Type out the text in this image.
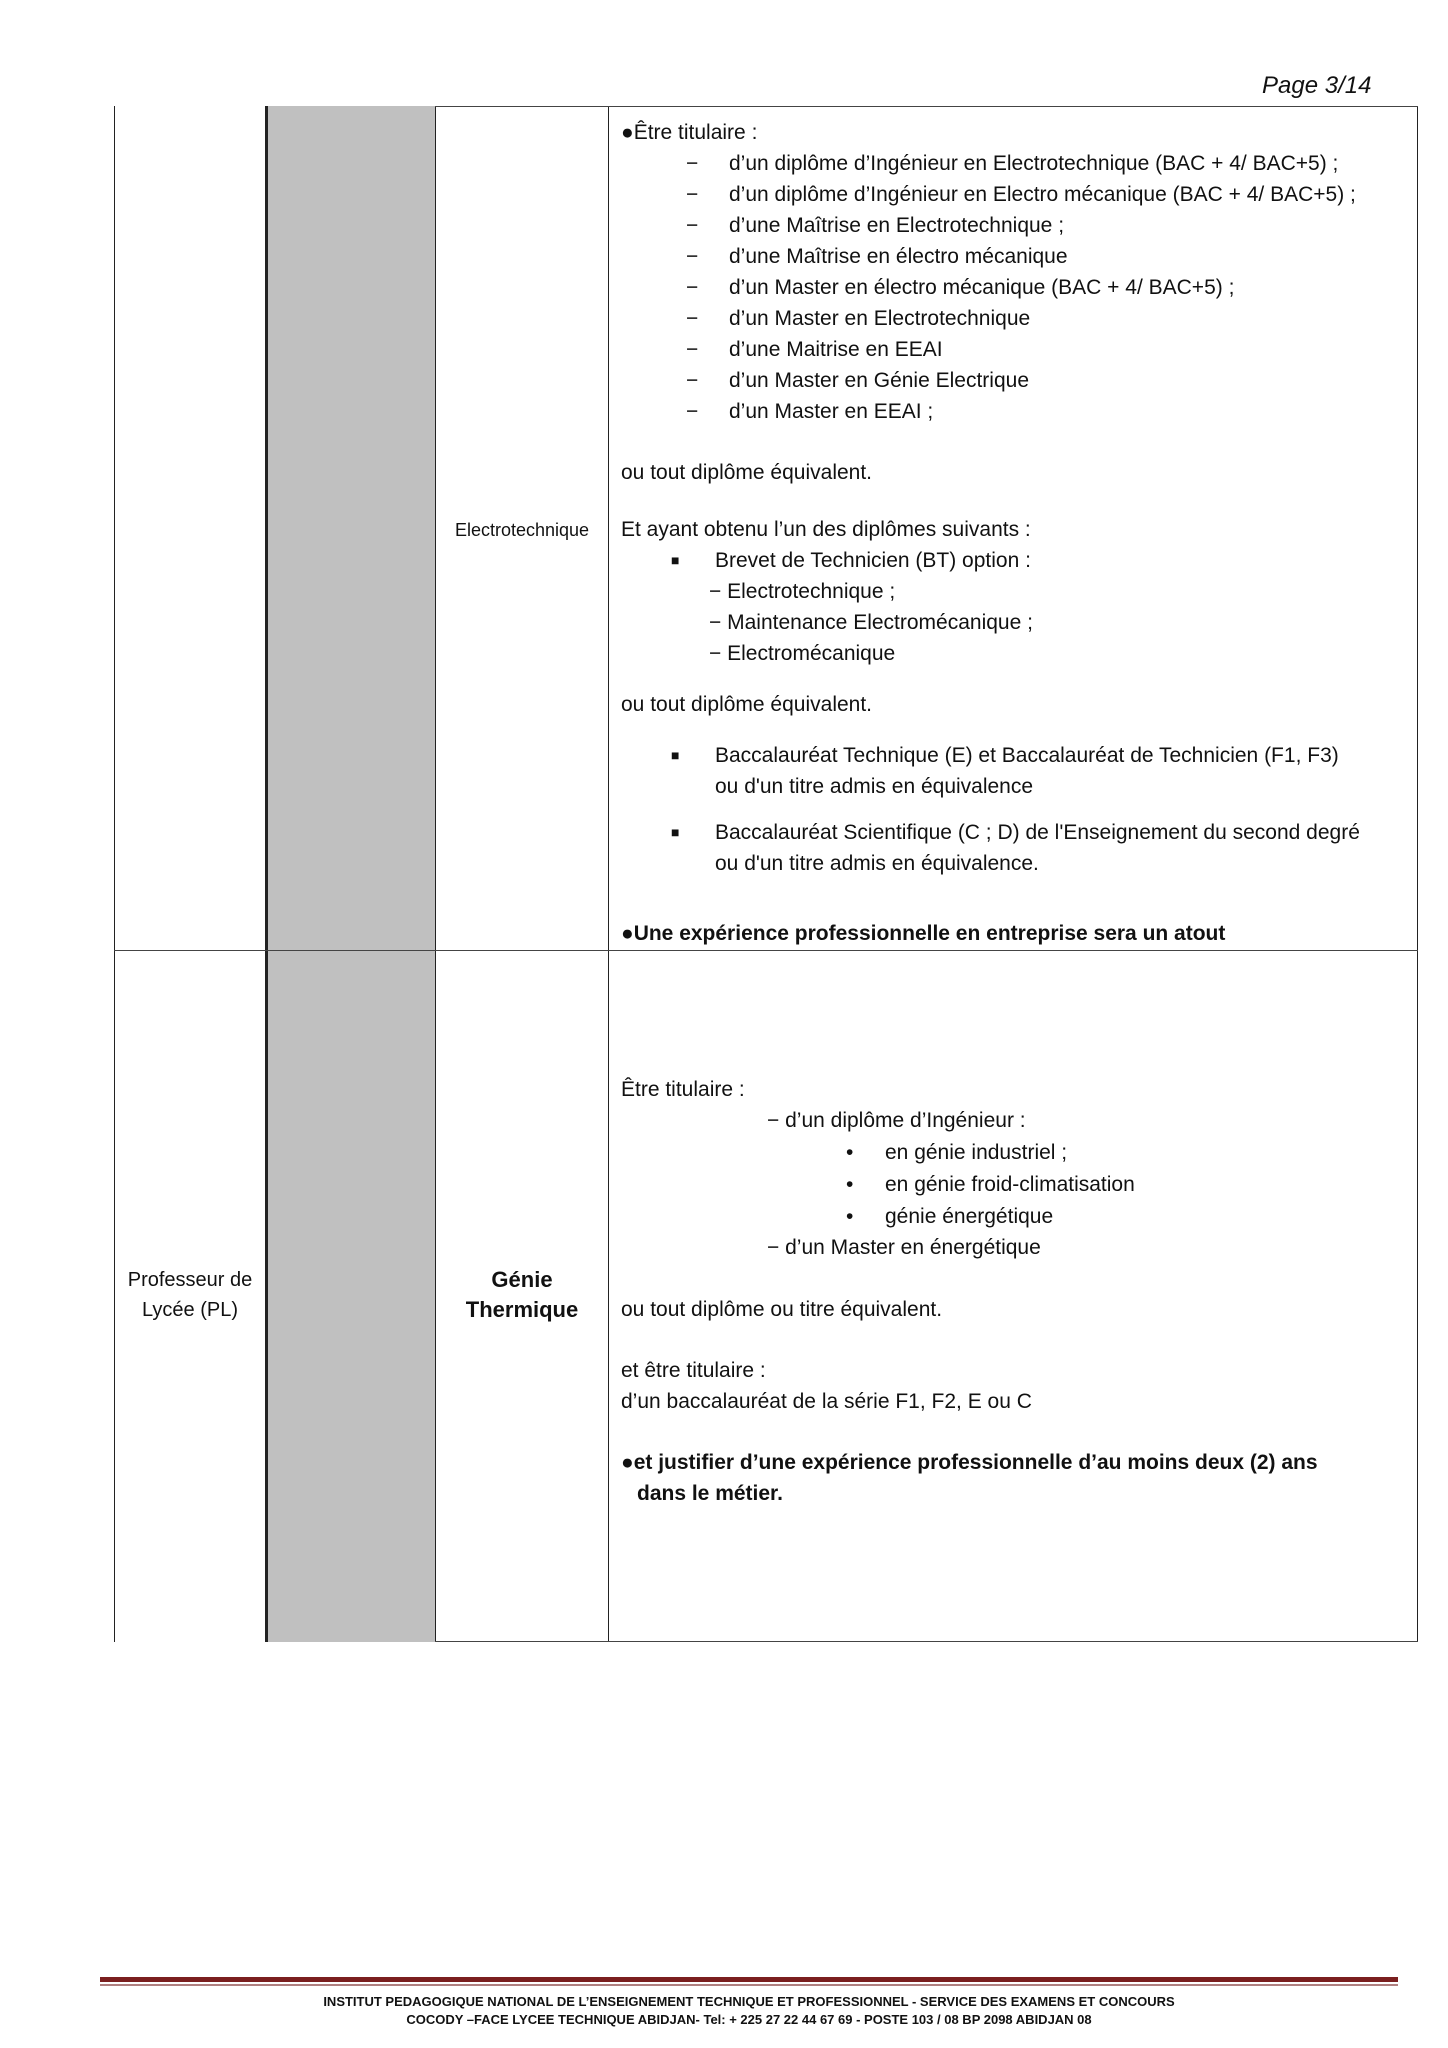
Page 3/14
Electrotechnique
●Être titulaire :
− d’un diplôme d’Ingénieur en Electrotechnique (BAC + 4/ BAC+5) ;
− d’un diplôme d’Ingénieur en Electro mécanique (BAC + 4/ BAC+5) ;
− d’une Maîtrise en Electrotechnique ;
− d’une Maîtrise en électro mécanique
− d’un Master en électro mécanique (BAC + 4/ BAC+5) ;
− d’un Master en Electrotechnique
− d’une Maitrise en EEAI
− d’un Master en Génie Electrique
− d’un Master en EEAI ;
ou tout diplôme équivalent.
Et ayant obtenu l’un des diplômes suivants :
■ Brevet de Technicien (BT) option :
− Electrotechnique ;
− Maintenance Electromécanique ;
− Electromécanique
ou tout diplôme équivalent.
■ Baccalauréat Technique (E) et Baccalauréat de Technicien (F1, F3)
ou d'un titre admis en équivalence
■ Baccalauréat Scientifique (C ; D) de l'Enseignement du second degré
ou d'un titre admis en équivalence.
●Une expérience professionnelle en entreprise sera un atout
Professeur de
Lycée (PL)
Génie
Thermique
Être titulaire :
− d’un diplôme d’Ingénieur :
• en génie industriel ;
• en génie froid-climatisation
• génie énergétique
− d’un Master en énergétique
ou tout diplôme ou titre équivalent.
et être titulaire :
d’un baccalauréat de la série F1, F2, E ou C
●et justifier d’une expérience professionnelle d’au moins deux (2) ans
dans le métier.
INSTITUT PEDAGOGIQUE NATIONAL DE L’ENSEIGNEMENT TECHNIQUE ET PROFESSIONNEL - SERVICE DES EXAMENS ET CONCOURS
COCODY –FACE LYCEE TECHNIQUE ABIDJAN- Tel: + 225 27 22 44 67 69 - POSTE 103 / 08 BP 2098 ABIDJAN 08
